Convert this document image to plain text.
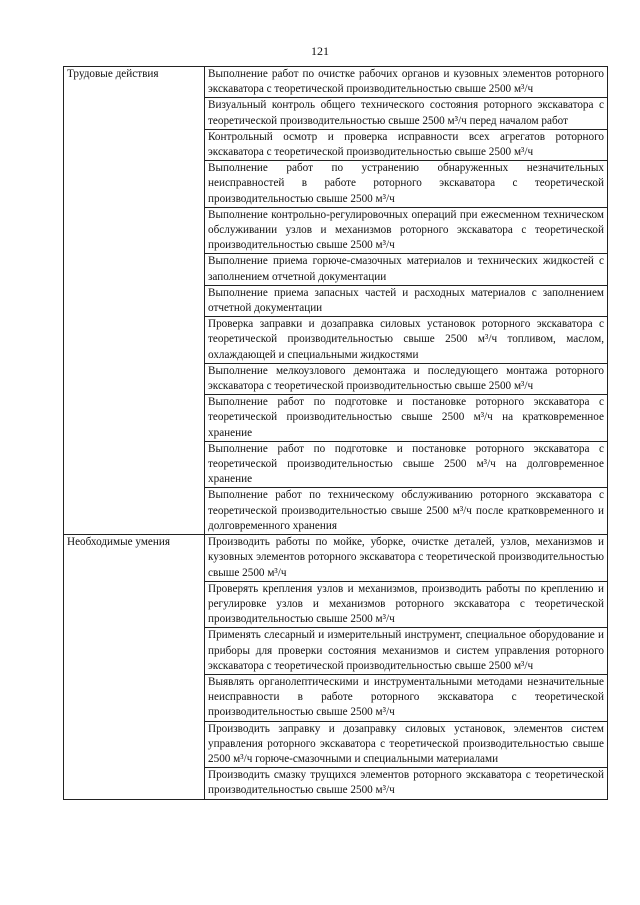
121
Трудовые действия	Выполнение работ по очистке рабочих органов и кузовных элементов роторного экскаватора с теоретической производительностью свыше 2500 м³/ч
	Визуальный контроль общего технического состояния роторного экскаватора с теоретической производительностью свыше 2500 м³/ч перед началом работ
	Контрольный осмотр и проверка исправности всех агрегатов роторного экскаватора с теоретической производительностью свыше 2500 м³/ч
	Выполнение работ по устранению обнаруженных незначительных неисправностей в работе роторного экскаватора с теоретической производительностью свыше 2500 м³/ч
	Выполнение контрольно-регулировочных операций при ежесменном техническом обслуживании узлов и механизмов роторного экскаватора с теоретической производительностью свыше 2500 м³/ч
	Выполнение приема горюче-смазочных материалов и технических жидкостей с заполнением отчетной документации
	Выполнение приема запасных частей и расходных материалов с заполнением отчетной документации
	Проверка заправки и дозаправка силовых установок роторного экскаватора с теоретической производительностью свыше 2500 м³/ч топливом, маслом, охлаждающей и специальными жидкостями
	Выполнение мелкоузлового демонтажа и последующего монтажа роторного экскаватора с теоретической производительностью свыше 2500 м³/ч
	Выполнение работ по подготовке и постановке роторного экскаватора с теоретической производительностью свыше 2500 м³/ч на кратковременное хранение
	Выполнение работ по подготовке и постановке роторного экскаватора с теоретической производительностью свыше 2500 м³/ч на долговременное хранение
	Выполнение работ по техническому обслуживанию роторного экскаватора с теоретической производительностью свыше 2500 м³/ч после кратковременного и долговременного хранения
Необходимые умения	Производить работы по мойке, уборке, очистке деталей, узлов, механизмов и кузовных элементов роторного экскаватора с теоретической производительностью свыше 2500 м³/ч
	Проверять крепления узлов и механизмов, производить работы по креплению и регулировке узлов и механизмов роторного экскаватора с теоретической производительностью свыше 2500 м³/ч
	Применять слесарный и измерительный инструмент, специальное оборудование и приборы для проверки состояния механизмов и систем управления роторного экскаватора с теоретической производительностью свыше 2500 м³/ч
	Выявлять органолептическими и инструментальными методами незначительные неисправности в работе роторного экскаватора с теоретической производительностью свыше 2500 м³/ч
	Производить заправку и дозаправку силовых установок, элементов систем управления роторного экскаватора с теоретической производительностью свыше 2500 м³/ч горюче-смазочными и специальными материалами
	Производить смазку трущихся элементов роторного экскаватора с теоретической производительностью свыше 2500 м³/ч
